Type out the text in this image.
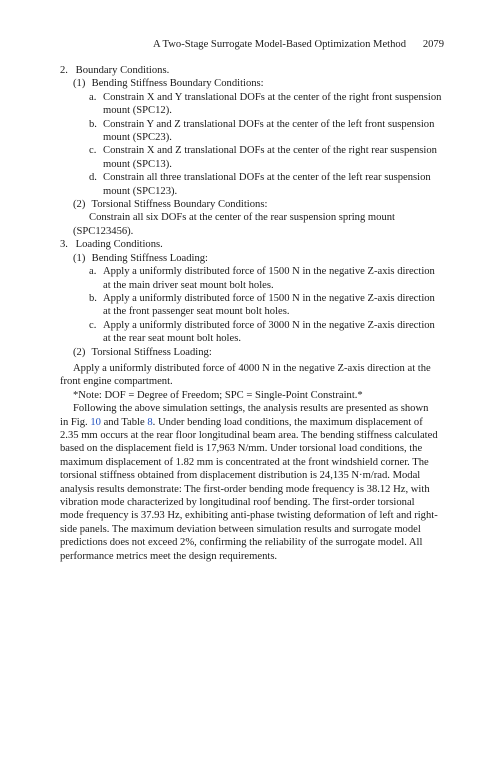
A Two-Stage Surrogate Model-Based Optimization Method 2079
2. Boundary Conditions.
(1) Bending Stiffness Boundary Conditions:
a. Constrain X and Y translational DOFs at the center of the right front suspension
mount (SPC12).
b. Constrain Y and Z translational DOFs at the center of the left front suspension
mount (SPC23).
c. Constrain X and Z translational DOFs at the center of the right rear suspension
mount (SPC13).
d. Constrain all three translational DOFs at the center of the left rear suspension
mount (SPC123).
(2) Torsional Stiffness Boundary Conditions:
Constrain all six DOFs at the center of the rear suspension spring mount
(SPC123456).
3. Loading Conditions.
(1) Bending Stiffness Loading:
a. Apply a uniformly distributed force of 1500 N in the negative Z-axis direction
at the main driver seat mount bolt holes.
b. Apply a uniformly distributed force of 1500 N in the negative Z-axis direction
at the front passenger seat mount bolt holes.
c. Apply a uniformly distributed force of 3000 N in the negative Z-axis direction
at the rear seat mount bolt holes.
(2) Torsional Stiffness Loading:
Apply a uniformly distributed force of 4000 N in the negative Z-axis direction at the
front engine compartment.
*Note: DOF = Degree of Freedom; SPC = Single-Point Constraint.*
Following the above simulation settings, the analysis results are presented as shown
in Fig. 10 and Table 8. Under bending load conditions, the maximum displacement of
2.35 mm occurs at the rear floor longitudinal beam area. The bending stiffness calculated
based on the displacement field is 17,963 N/mm. Under torsional load conditions, the
maximum displacement of 1.82 mm is concentrated at the front windshield corner. The
torsional stiffness obtained from displacement distribution is 24,135 N·m/rad. Modal
analysis results demonstrate: The first-order bending mode frequency is 38.12 Hz, with
vibration mode characterized by longitudinal roof bending. The first-order torsional
mode frequency is 37.93 Hz, exhibiting anti-phase twisting deformation of left and right-
side panels. The maximum deviation between simulation results and surrogate model
predictions does not exceed 2%, confirming the reliability of the surrogate model. All
performance metrics meet the design requirements.
